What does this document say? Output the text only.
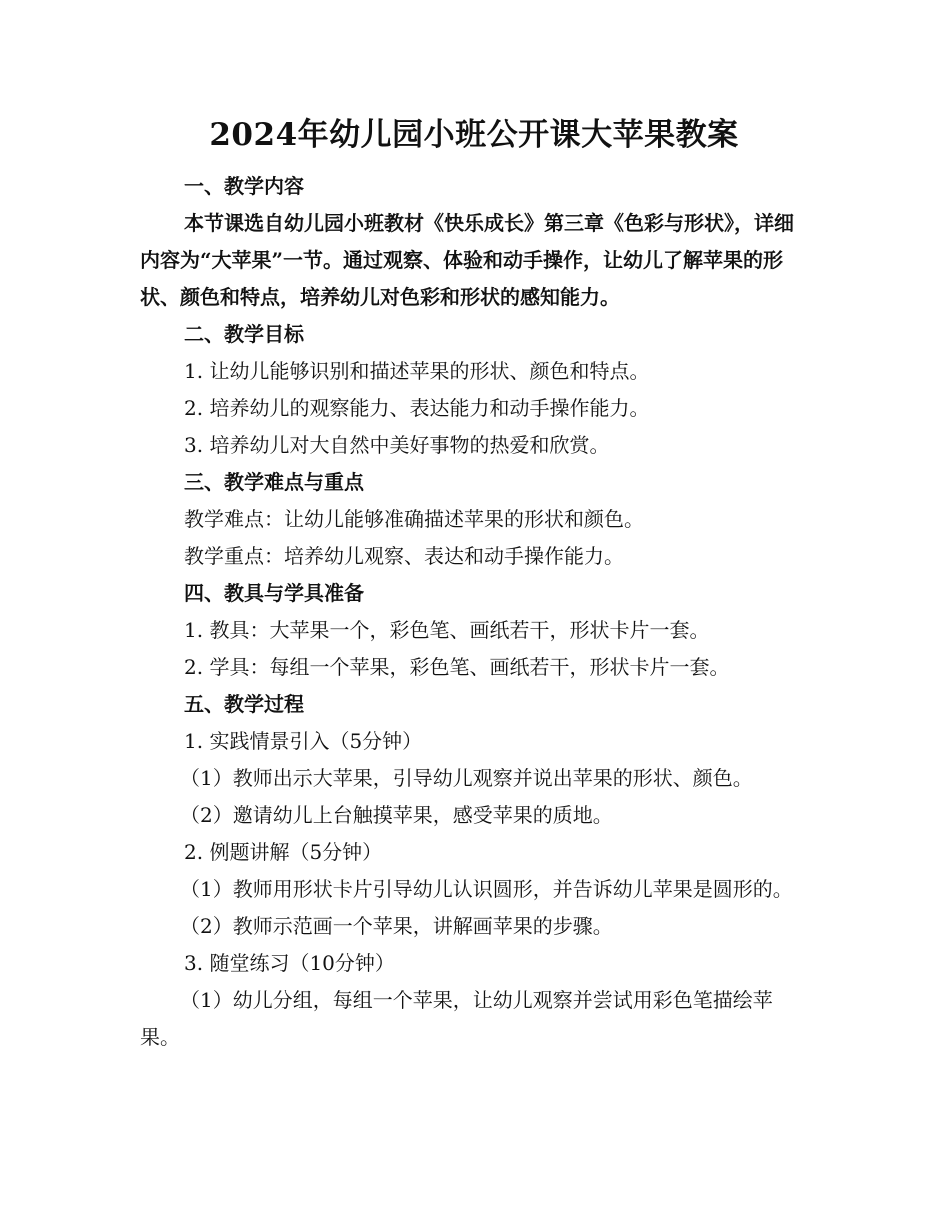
2024年幼儿园小班公开课大苹果教案

一、教学内容

本节课选自幼儿园小班教材《快乐成长》第三章《色彩与形状》，详细内容为“大苹果”一节。通过观察、体验和动手操作，让幼儿了解苹果的形状、颜色和特点，培养幼儿对色彩和形状的感知能力。

二、教学目标

1. 让幼儿能够识别和描述苹果的形状、颜色和特点。

2. 培养幼儿的观察能力、表达能力和动手操作能力。

3. 培养幼儿对大自然中美好事物的热爱和欣赏。

三、教学难点与重点

教学难点：让幼儿能够准确描述苹果的形状和颜色。

教学重点：培养幼儿观察、表达和动手操作能力。

四、教具与学具准备

1. 教具：大苹果一个，彩色笔、画纸若干，形状卡片一套。

2. 学具：每组一个苹果，彩色笔、画纸若干，形状卡片一套。

五、教学过程

1. 实践情景引入（5分钟）

（1）教师出示大苹果，引导幼儿观察并说出苹果的形状、颜色。

（2）邀请幼儿上台触摸苹果，感受苹果的质地。

2. 例题讲解（5分钟）

（1）教师用形状卡片引导幼儿认识圆形，并告诉幼儿苹果是圆形的。

（2）教师示范画一个苹果，讲解画苹果的步骤。

3. 随堂练习（10分钟）

（1）幼儿分组，每组一个苹果，让幼儿观察并尝试用彩色笔描绘苹果。
